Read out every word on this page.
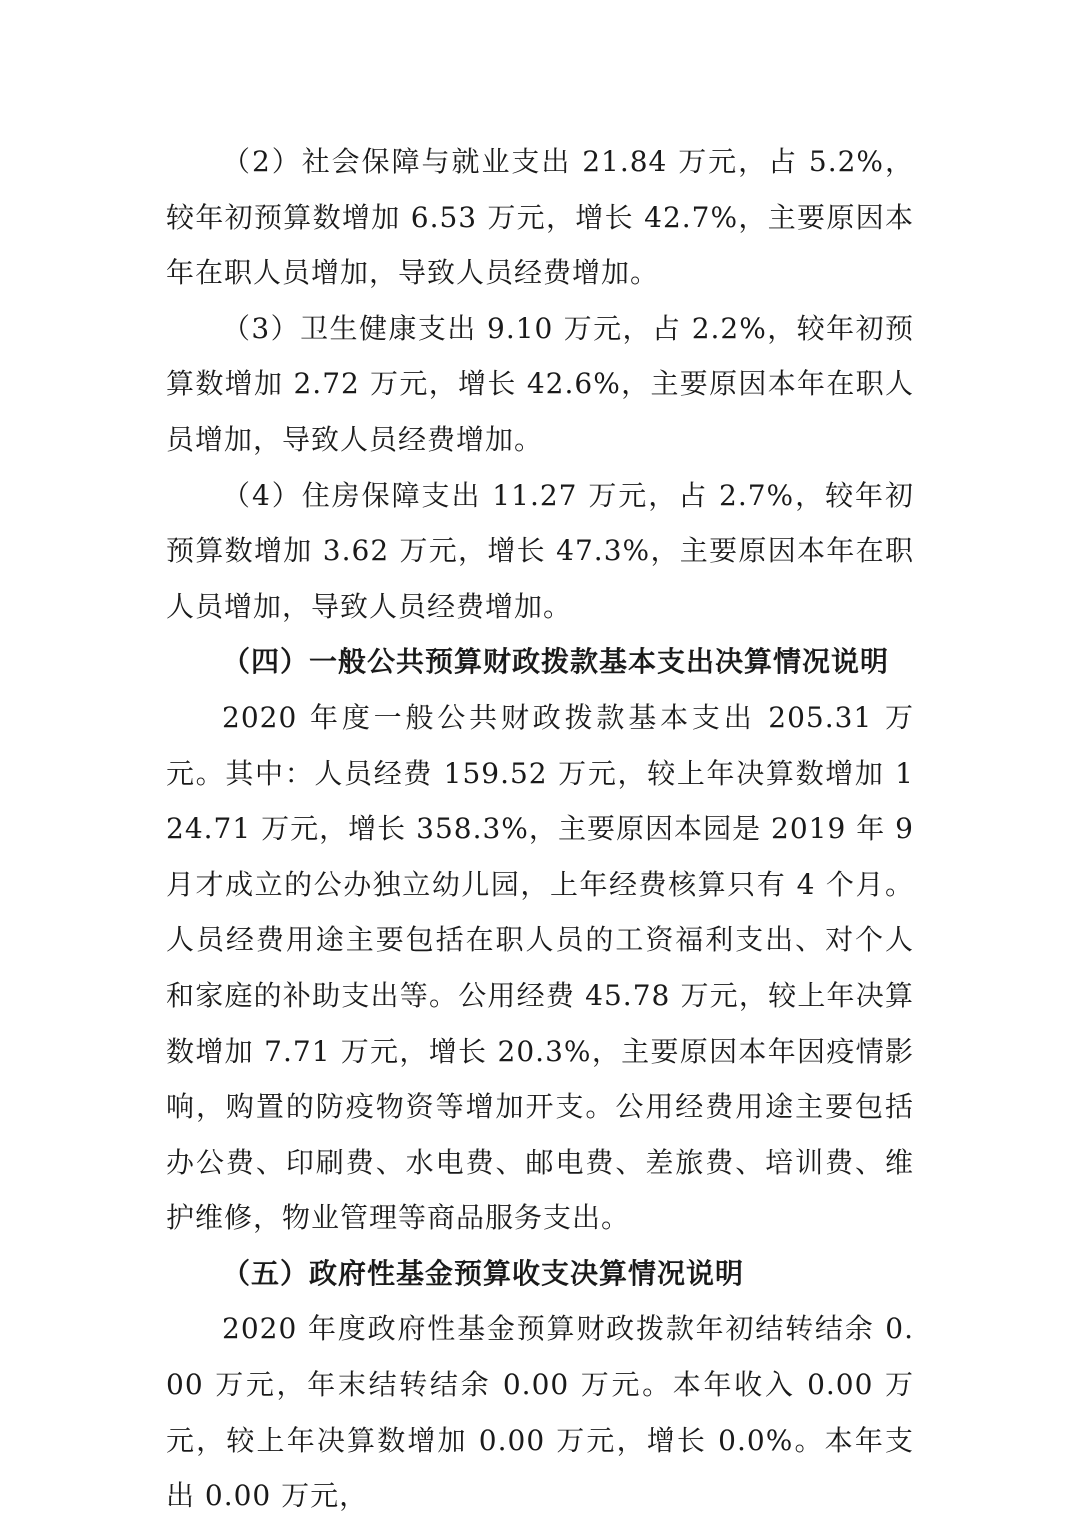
（2）社会保障与就业支出 21.84 万元，占 5.2%，较年初预算数增加 6.53 万元，增长 42.7%，主要原因本年在职人员增加，导致人员经费增加。

（3）卫生健康支出 9.10 万元，占 2.2%，较年初预算数增加 2.72 万元，增长 42.6%，主要原因本年在职人员增加，导致人员经费增加。

（4）住房保障支出 11.27 万元，占 2.7%，较年初预算数增加 3.62 万元，增长 47.3%，主要原因本年在职人员增加，导致人员经费增加。

（四）一般公共预算财政拨款基本支出决算情况说明

2020 年度一般公共财政拨款基本支出 205.31 万元。其中：人员经费 159.52 万元，较上年决算数增加 124.71 万元，增长 358.3%，主要原因本园是 2019 年 9 月才成立的公办独立幼儿园，上年经费核算只有 4 个月。人员经费用途主要包括在职人员的工资福利支出、对个人和家庭的补助支出等。公用经费 45.78 万元，较上年决算数增加 7.71 万元，增长 20.3%，主要原因本年因疫情影响，购置的防疫物资等增加开支。公用经费用途主要包括办公费、印刷费、水电费、邮电费、差旅费、培训费、维护维修，物业管理等商品服务支出。

（五）政府性基金预算收支决算情况说明

2020 年度政府性基金预算财政拨款年初结转结余 0.00 万元，年末结转结余 0.00 万元。本年收入 0.00 万元，较上年决算数增加 0.00 万元，增长 0.0%。本年支出 0.00 万元，
